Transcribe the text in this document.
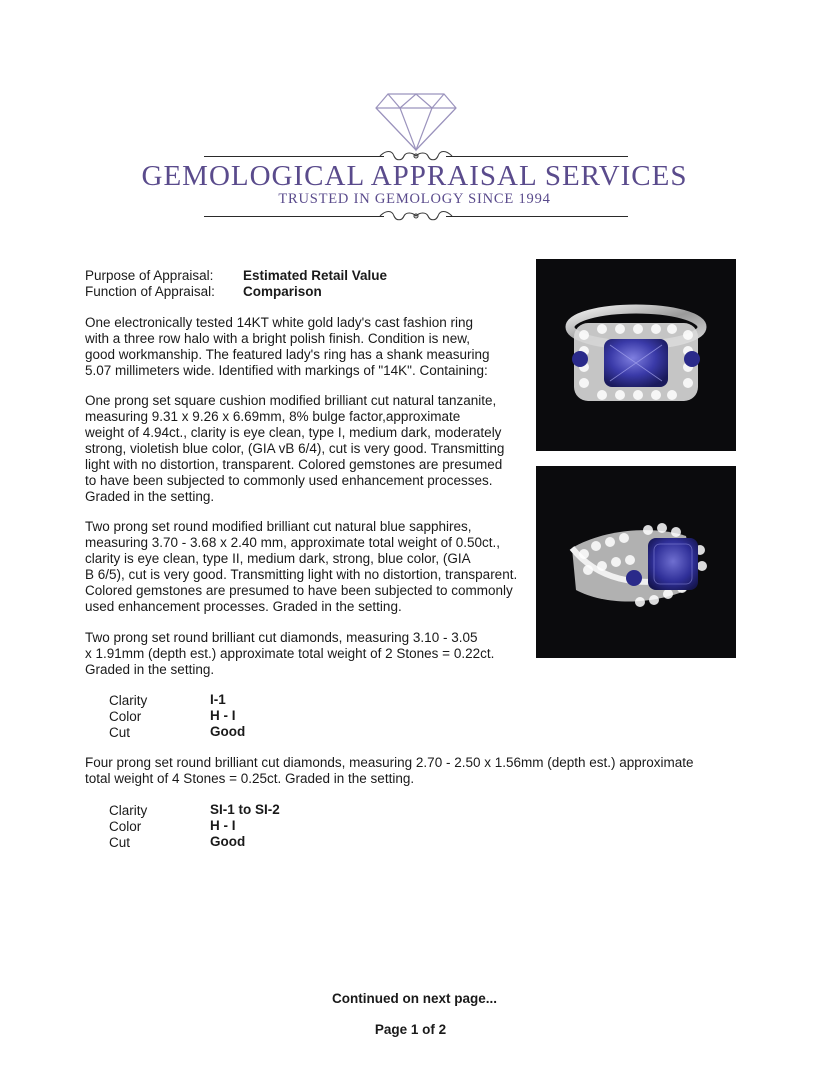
GEMOLOGICAL APPRAISAL SERVICES
TRUSTED IN GEMOLOGY SINCE 1994
Purpose of Appraisal: Estimated Retail Value
Function of Appraisal: Comparison

One electronically tested 14KT white gold lady's cast fashion ring
with a three row halo with a bright polish finish. Condition is new,
good workmanship. The featured lady's ring has a shank measuring
5.07 millimeters wide. Identified with markings of "14K". Containing:

One prong set square cushion modified brilliant cut natural tanzanite,
measuring 9.31 x 9.26 x 6.69mm, 8% bulge factor,approximate
weight of 4.94ct., clarity is eye clean, type I, medium dark, moderately
strong, violetish blue color, (GIA vB 6/4), cut is very good. Transmitting
light with no distortion, transparent. Colored gemstones are presumed
to have been subjected to commonly used enhancement processes.
Graded in the setting.

Two prong set round modified brilliant cut natural blue sapphires,
measuring 3.70 - 3.68 x 2.40 mm, approximate total weight of 0.50ct.,
clarity is eye clean, type II, medium dark, strong, blue color, (GIA
B 6/5), cut is very good. Transmitting light with no distortion, transparent.
Colored gemstones are presumed to have been subjected to commonly
used enhancement processes. Graded in the setting.

Two prong set round brilliant cut diamonds, measuring 3.10 - 3.05
x 1.91mm (depth est.) approximate total weight of 2 Stones = 0.22ct.
Graded in the setting.

Clarity	I-1
Color	H - I
Cut	Good

Four prong set round brilliant cut diamonds, measuring 2.70 - 2.50 x 1.56mm (depth est.) approximate
total weight of 4 Stones = 0.25ct. Graded in the setting.

Clarity	SI-1 to SI-2
Color	H - I
Cut	Good
Continued on next page...
Page 1 of 2
